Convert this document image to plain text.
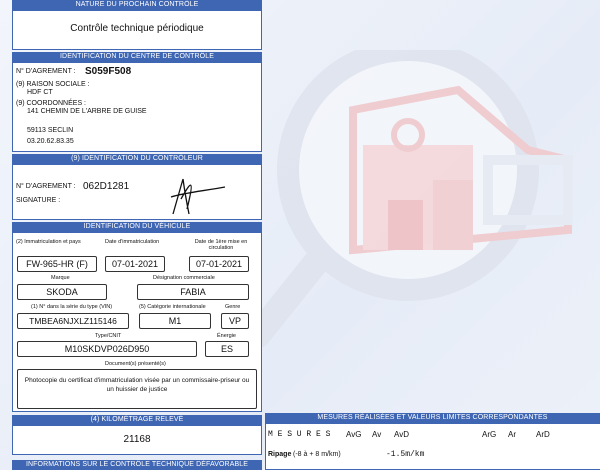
NATURE DU PROCHAIN CONTRÔLE
Contrôle technique périodique
IDENTIFICATION DU CENTRE DE CONTRÔLE
N° D'AGREMENT : S059F508
(9) RAISON SOCIALE :
HDF CT
(9) COORDONNÉES :
141 CHEMIN DE L'ARBRE DE GUISE
59113 SECLIN
03.20.62.83.35
(9) IDENTIFICATION DU CONTRÔLEUR
N° D'AGREMENT : 062D1281
SIGNATURE :
IDENTIFICATION DU VÉHICULE
(2) Immatriculation et pays	Date d'immatriculation	Date de 1ère mise en circulation
FW-965-HR (F)	07-01-2021	07-01-2021
Marque	Désignation commerciale
SKODA	FABIA
(1) N° dans la série du type (VIN)	(5) Catégorie internationale	Genre
TMBEA6NJXLZ115146	M1	VP
Type/CNIT	Énergie
M10SKDVP026D950	ES
Document(s) présenté(s)
Photocopie du certificat d'immatriculation visée par un commissaire-priseur ou
un huissier de justice
(4) KILOMÉTRAGE RELEVÉ
21168
INFORMATIONS SUR LE CONTRÔLE TECHNIQUE DÉFAVORABLE
MESURES RÉALISÉES ET VALEURS LIMITES CORRESPONDANTES
M E S U R E S AvG Av AvD	ArG Ar	ArD
Ripage (-8 à + 8 m/km)	-1.5m/km
